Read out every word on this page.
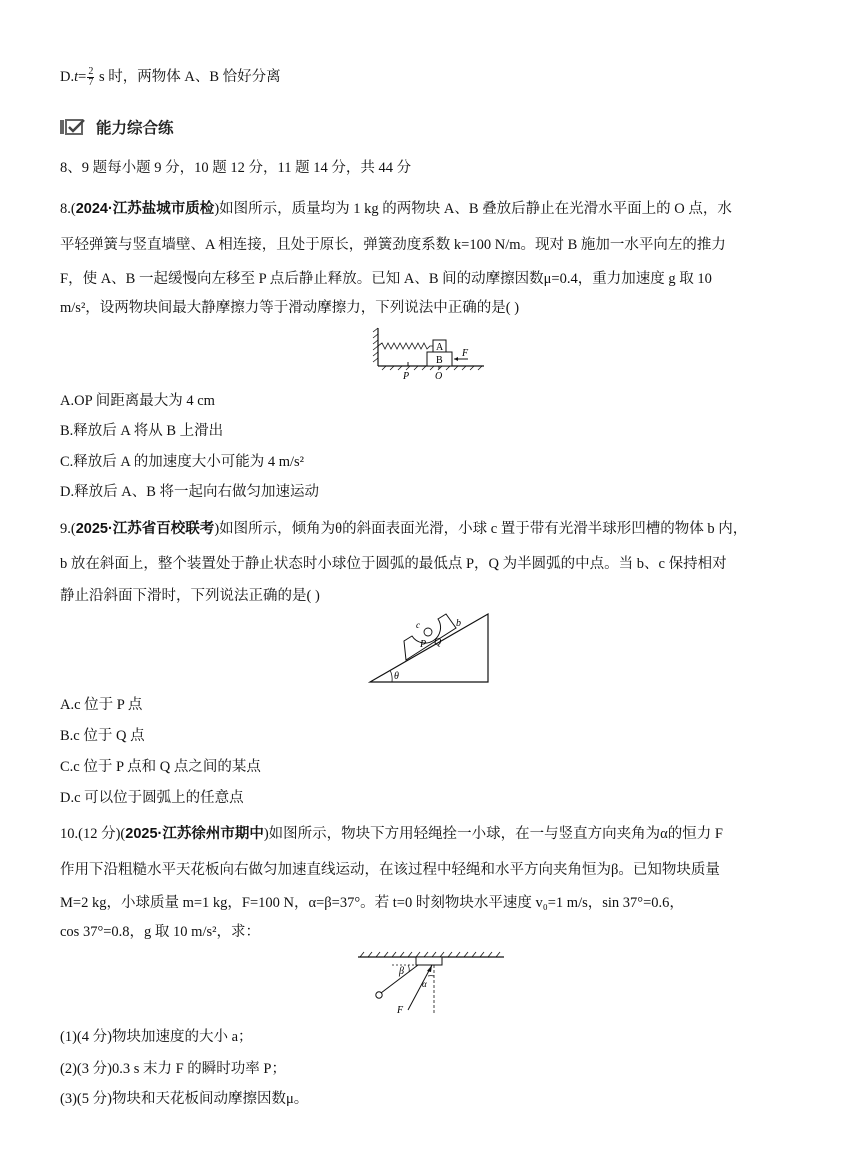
$D.t= \frac{2}{7}$ s 时，两物体 A、B 恰好分离
能力综合练
8、9 题每小题 9 分，10 题 12 分，11 题 14 分，共 44 分
8.(2024·江苏盐城市质检)如图所示，质量均为 1 kg 的两物块 A、B 叠放后静止在光滑水平面上的 O 点，水
平轻弹簧与竖直墙壁、A 相连接，且处于原长，弹簧劲度系数 k=100 N/m。现对 B 施加一水平向左的推力
F，使 A、B 一起缓慢向左移至 P 点后静止释放。已知 A、B 间的动摩擦因数μ=0.4，重力加速度 g 取 10
m/s²，设两物块间最大静摩擦力等于滑动摩擦力，下列说法中正确的是( )
A
B
F
P	O
A.OP 间距离最大为 4 cm
B.释放后 A 将从 B 上滑出
C.释放后 A 的加速度大小可能为 4 m/s²
D.释放后 A、B 将一起向右做匀加速运动
9.(2025·江苏省百校联考)如图所示，倾角为θ的斜面表面光滑，小球 c 置于带有光滑半球形凹槽的物体 b 内，
b 放在斜面上，整个装置处于静止状态时小球位于圆弧的最低点 P，Q 为半圆弧的中点。当 b、c 保持相对
静止沿斜面下滑时，下列说法正确的是( )
θ
c	b
P Q
A.c 位于 P 点
B.c 位于 Q 点
C.c 位于 P 点和 Q 点之间的某点
D.c 可以位于圆弧上的任意点
10.(12 分)(2025·江苏徐州市期中)如图所示，物块下方用轻绳拴一小球，在一与竖直方向夹角为α的恒力 F
作用下沿粗糙水平天花板向右做匀加速直线运动，在该过程中轻绳和水平方向夹角恒为β。已知物块质量
M=2 kg，小球质量 m=1 kg，F=100 N，α=β=37°。若 t=0 时刻物块水平速度 v₀=1 m/s，sin 37°=0.6，
cos 37°=0.8，g 取 10 m/s²，求：
β
α
F
(1)(4 分)物块加速度的大小 a；
(2)(3 分)0.3 s 末力 F 的瞬时功率 P；
(3)(5 分)物块和天花板间动摩擦因数μ。
